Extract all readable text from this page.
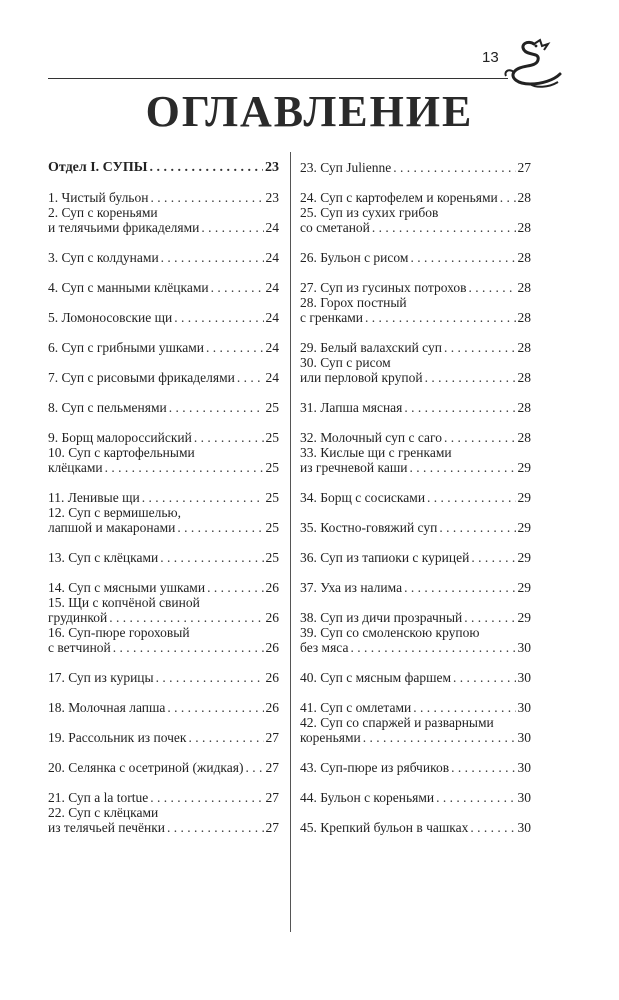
13
ОГЛАВЛЕНИЕ
Отдел I. СУПЫ . . .	23
1. Чистый бульон . . .	23
2. Суп с кореньями
и телячьими фрикаделями . . .	24
3. Суп с колдунами . . .	24
4. Суп с манными клёцками . . .	24
5. Ломоносовские щи . . .	24
6. Суп с грибными ушками . . .	24
7. Суп с рисовыми фрикаделями . . . 24
8. Суп с пельменями . . .	25
9. Борщ малороссийский . . .	25
10. Суп с картофельными
клёцками . . .	25
11. Ленивые щи . . .	25
12. Суп с вермишелью,
лапшой и макаронами . . .	25
13. Суп с клёцками . . .	25
14. Суп с мясными ушками . . .	26
15. Щи с копчёной свиной
грудинкой . . .	26
16. Суп-пюре гороховый
с ветчиной . . .	26
17. Суп из курицы . . .	26
18. Молочная лапша . . .	26
19. Рассольник из почек . . .	27
20. Селянка с осетриной (жидкая) . . . 27
21. Суп a la tortue . . .	27
22. Суп с клёцками
из телячьей печёнки . . .	27
23. Суп Julienne . . .	27
24. Суп с картофелем и кореньями . . . 28
25. Суп из сухих грибов
со сметаной . . .	28
26. Бульон с рисом . . .	28
27. Суп из гусиных потрохов . . .	28
28. Горох постный
с гренками . . .	28
29. Белый валахский суп . . .	28
30. Суп с рисом
или перловой крупой . . .	28
31. Лапша мясная . . .	28
32. Молочный суп с саго . . .	28
33. Кислые щи с гренками
из гречневой каши . . .	29
34. Борщ с сосисками . . .	29
35. Костно-говяжий суп . . .	29
36. Суп из тапиоки с курицей . . .	29
37. Уха из налима . . .	29
38. Суп из дичи прозрачный . . .	29
39. Суп со смоленскою крупою
без мяса . . .	30
40. Суп с мясным фаршем . . .	30
41. Суп с омлетами . . .	30
42. Суп со спаржей и разварными
кореньями . . .	30
43. Суп-пюре из рябчиков . . .	30
44. Бульон с кореньями . . .	30
45. Крепкий бульон в чашках . . .	30
